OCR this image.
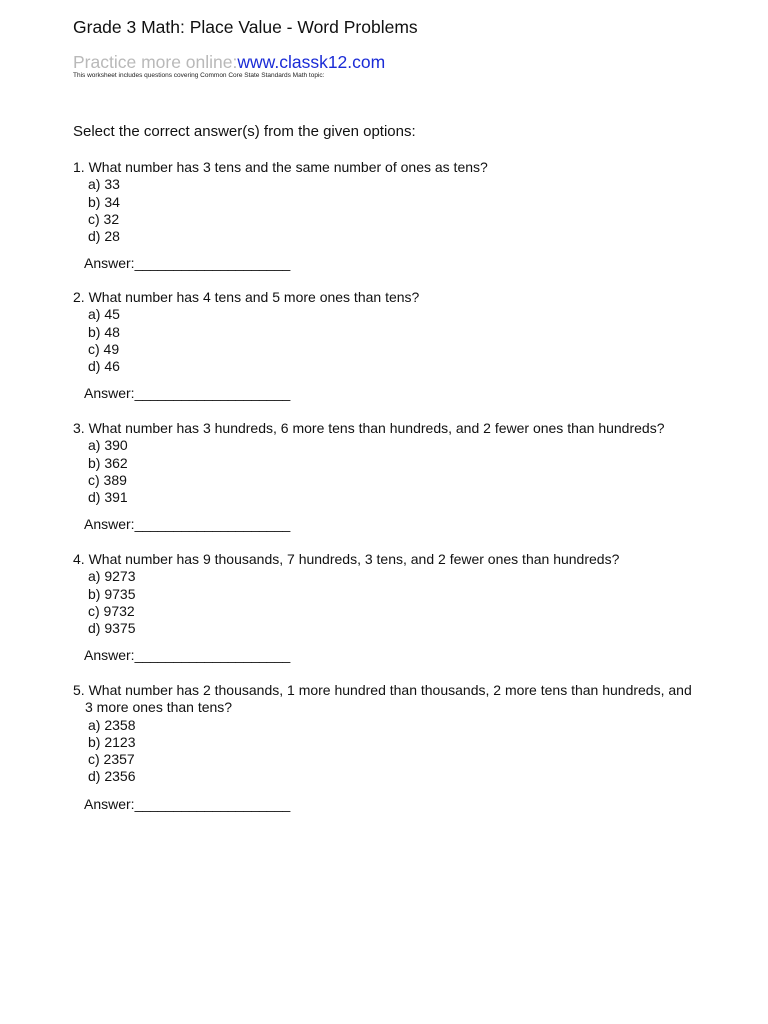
Grade 3 Math: Place Value - Word Problems
Practice more online:www.classk12.com
This worksheet includes questions covering Common Core State Standards Math topic:
Select the correct answer(s) from the given options:
1. What number has 3 tens and the same number of ones as tens?
a) 33
b) 34
c) 32
d) 28
Answer:____________________
2. What number has 4 tens and 5 more ones than tens?
a) 45
b) 48
c) 49
d) 46
Answer:____________________
3. What number has 3 hundreds, 6 more tens than hundreds, and 2 fewer ones than hundreds?
a) 390
b) 362
c) 389
d) 391
Answer:____________________
4. What number has 9 thousands, 7 hundreds, 3 tens, and 2 fewer ones than hundreds?
a) 9273
b) 9735
c) 9732
d) 9375
Answer:____________________
5. What number has 2 thousands, 1 more hundred than thousands, 2 more tens than hundreds, and
3 more ones than tens?
a) 2358
b) 2123
c) 2357
d) 2356
Answer:____________________
